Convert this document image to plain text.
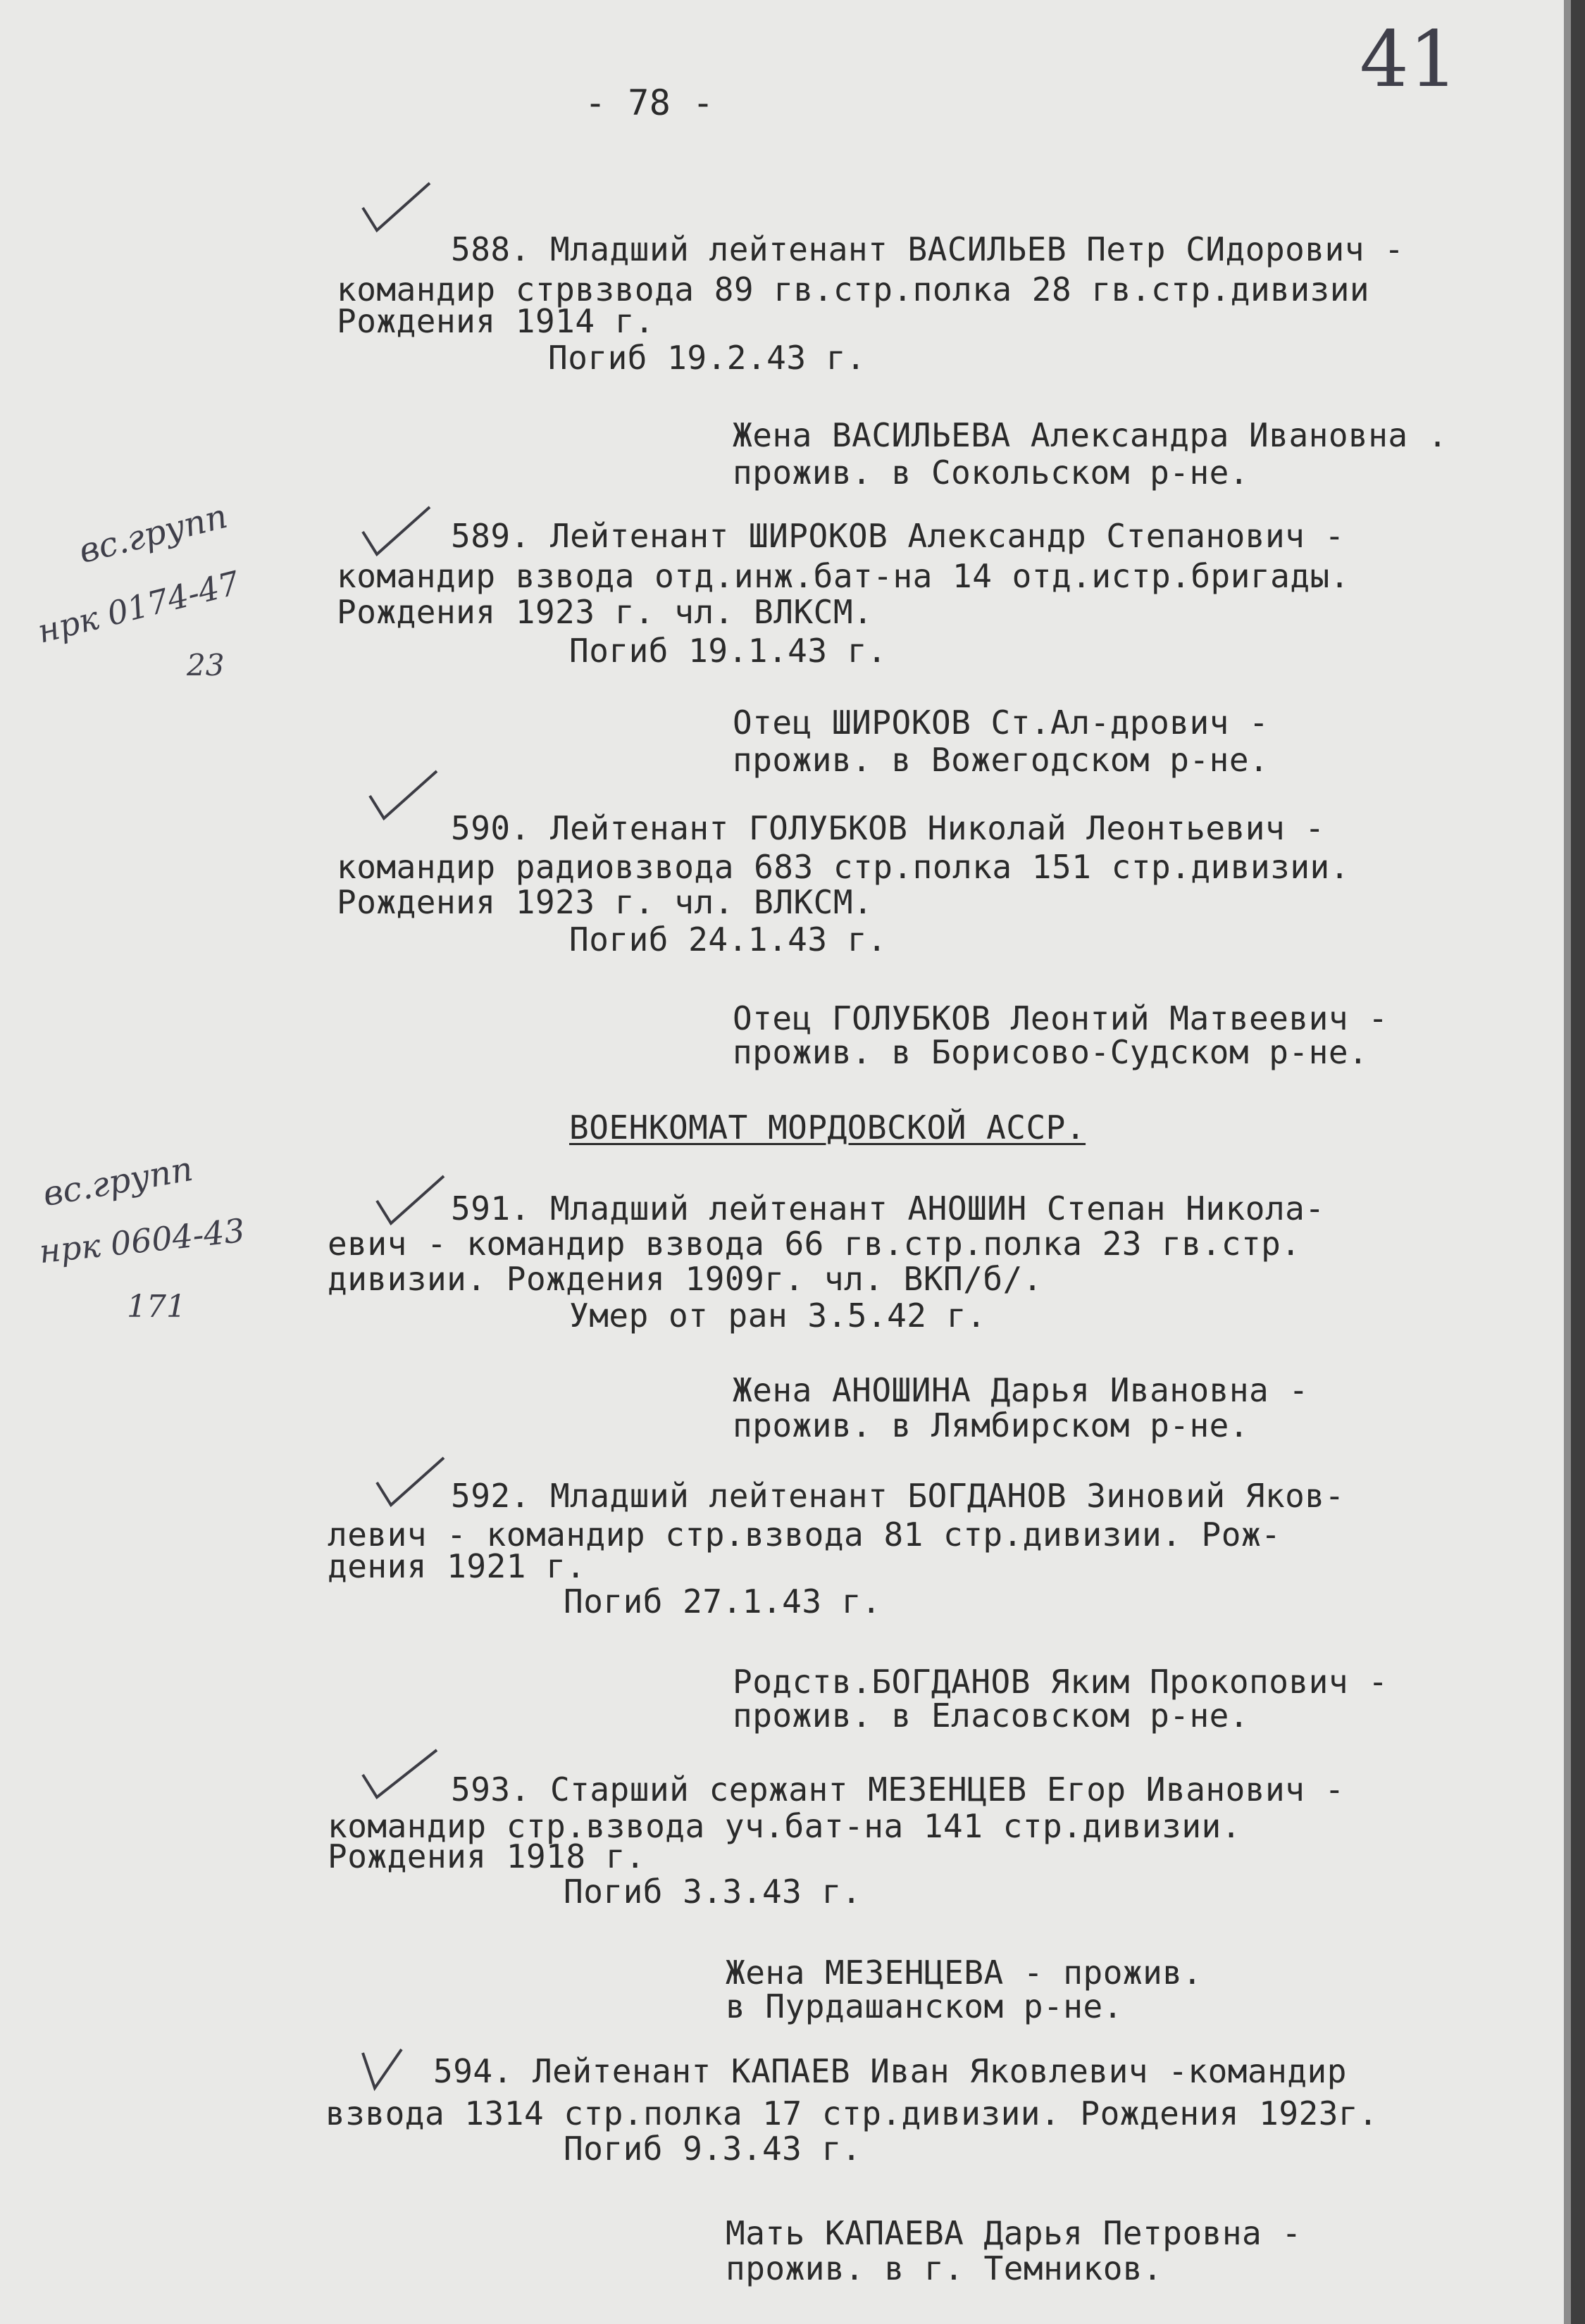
- 78 -	41
588. Младший лейтенант ВАСИЛЬЕВ Петр СИдорович -
командир стрвзвода 89 гв.стр.полка 28 гв.стр.дивизии
Рождения 1914 г.
Погиб 19.2.43 г.
Жена ВАСИЛЬЕВА Александра Ивановна .
прожив. в Сокольском р-не.
589. Лейтенант ШИРОКОВ Александр Степанович -
командир взвода отд.инж.бат-на 14 отд.истр.бригады.
Рождения 1923 г. чл. ВЛКСМ.
Погиб 19.1.43 г.
Отец ШИРОКОВ Ст.Ал-дрович -
прожив. в Вожегодском р-не.
вс.групп
нрк 0174-47
23
590. Лейтенант ГОЛУБКОВ Николай Леонтьевич -
командир радиовзвода 683 стр.полка 151 стр.дивизии.
Рождения 1923 г. чл. ВЛКСМ.
Погиб 24.1.43 г.
Отец ГОЛУБКОВ Леонтий Матвеевич -
прожив. в Борисово-Судском р-не.
ВОЕНКОМАТ МОРДОВСКОЙ АССР.
591. Младший лейтенант АНОШИН Степан Никола-
евич - командир взвода 66 гв.стр.полка 23 гв.стр.
дивизии. Рождения 1909г. чл. ВКП/б/.
Умер от ран 3.5.42 г.
Жена АНОШИНА Дарья Ивановна -
прожив. в Лямбирском р-не.
вс.групп
нрк 0604-43
171
592. Младший лейтенант БОГДАНОВ Зиновий Яков-
левич - командир стр.взвода 81 стр.дивизии. Рож-
дения 1921 г.
Погиб 27.1.43 г.
Родств.БОГДАНОВ Яким Прокопович -
прожив. в Еласовском р-не.
593. Старший сержант МЕЗЕНЦЕВ Егор Иванович -
командир стр.взвода уч.бат-на 141 стр.дивизии.
Рождения 1918 г.
Погиб 3.3.43 г.
Жена МЕЗЕНЦЕВА - прожив.
в Пурдашанском р-не.
594. Лейтенант КАПАЕВ Иван Яковлевич -командир
взвода 1314 стр.полка 17 стр.дивизии. Рождения 1923г.
Погиб 9.3.43 г.
Мать КАПАЕВА Дарья Петровна -
прожив. в г. Темников.
